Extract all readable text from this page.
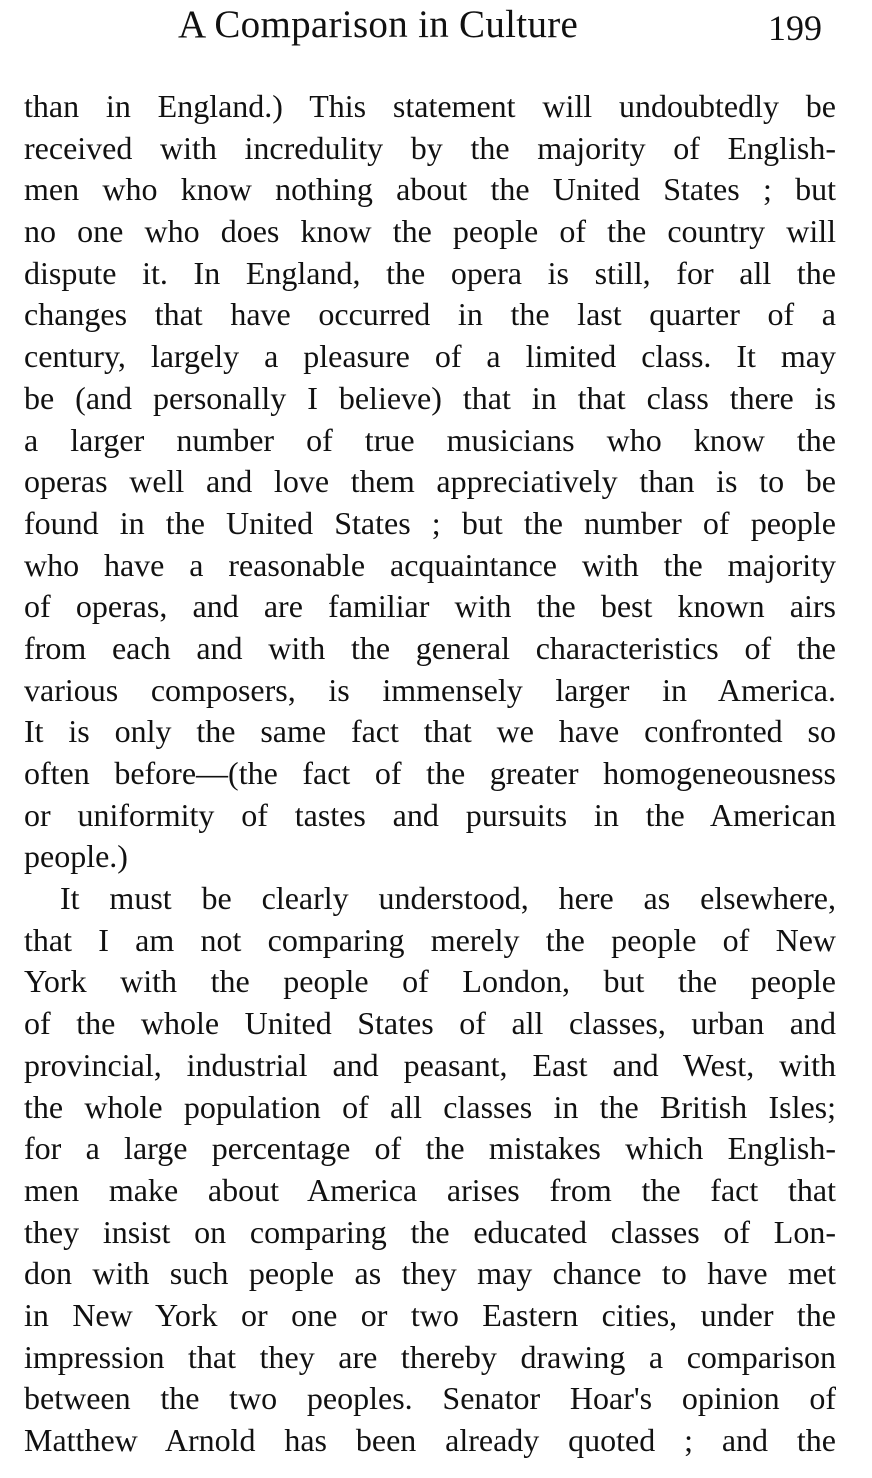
A Comparison in Culture	199
than in England.) This statement will undoubtedly be
received with incredulity by the majority of English-
men who know nothing about the United States ; but
no one who does know the people of the country will
dispute it. In England, the opera is still, for all the
changes that have occurred in the last quarter of a
century, largely a pleasure of a limited class. It may
be (and personally I believe) that in that class there is
a larger number of true musicians who know the
operas well and love them appreciatively than is to be
found in the United States ; but the number of people
who have a reasonable acquaintance with the majority
of operas, and are familiar with the best known airs
from each and with the general characteristics of the
various composers, is immensely larger in America.
It is only the same fact that we have confronted so
often before—(the fact of the greater homogeneousness
or uniformity of tastes and pursuits in the American
people.)
It must be clearly understood, here as elsewhere,
that I am not comparing merely the people of New
York with the people of London, but the people
of the whole United States of all classes, urban and
provincial, industrial and peasant, East and West, with
the whole population of all classes in the British Isles;
for a large percentage of the mistakes which English-
men make about America arises from the fact that
they insist on comparing the educated classes of Lon-
don with such people as they may chance to have met
in New York or one or two Eastern cities, under the
impression that they are thereby drawing a comparison
between the two peoples. Senator Hoar's opinion of
Matthew Arnold has been already quoted ; and the
